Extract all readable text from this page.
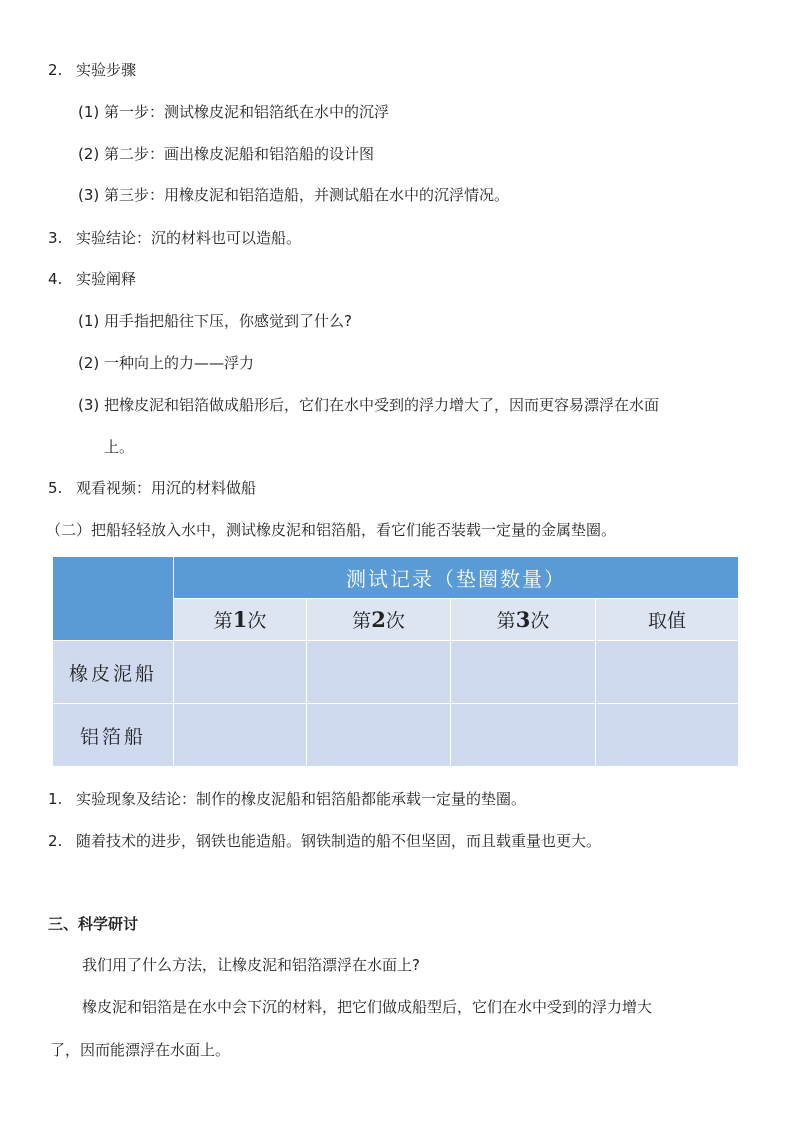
2. 实验步骤
(1) 第一步：测试橡皮泥和铝箔纸在水中的沉浮
(2) 第二步：画出橡皮泥船和铝箔船的设计图
(3) 第三步：用橡皮泥和铝箔造船，并测试船在水中的沉浮情况。
3. 实验结论：沉的材料也可以造船。
4. 实验阐释
(1) 用手指把船往下压，你感觉到了什么?
(2) 一种向上的力——浮力
(3) 把橡皮泥和铝箔做成船形后，它们在水中受到的浮力增大了，因而更容易漂浮在水面
上。
5. 观看视频：用沉的材料做船
（二）把船轻轻放入水中，测试橡皮泥和铝箔船，看它们能否装载一定量的金属垫圈。
	测试记录（垫圈数量）			
	第1次	第2次	第3次	取值
橡皮泥船				
铝箔船				
1. 实验现象及结论：制作的橡皮泥船和铝箔船都能承载一定量的垫圈。
2. 随着技术的进步，钢铁也能造船。钢铁制造的船不但坚固，而且载重量也更大。
三、科学研讨
我们用了什么方法，让橡皮泥和铝箔漂浮在水面上?
橡皮泥和铝箔是在水中会下沉的材料，把它们做成船型后，它们在水中受到的浮力增大
了，因而能漂浮在水面上。
